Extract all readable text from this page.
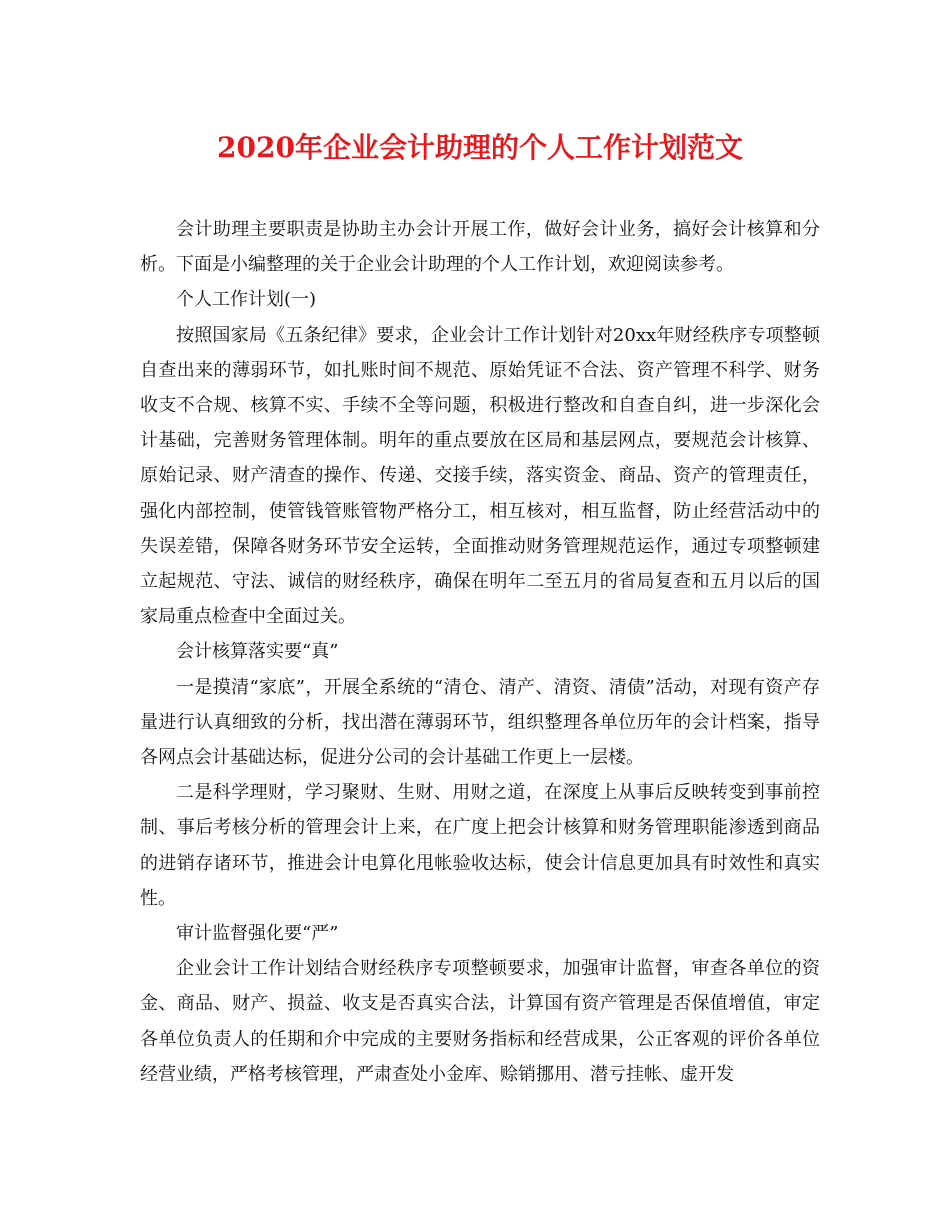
2020年企业会计助理的个人工作计划范文

会计助理主要职责是协助主办会计开展工作，做好会计业务，搞好会计核算和分析。下面是小编整理的关于企业会计助理的个人工作计划，欢迎阅读参考。

个人工作计划(一)

按照国家局《五条纪律》要求，企业会计工作计划针对20xx年财经秩序专项整顿自查出来的薄弱环节，如扎账时间不规范、原始凭证不合法、资产管理不科学、财务收支不合规、核算不实、手续不全等问题，积极进行整改和自查自纠，进一步深化会计基础，完善财务管理体制。明年的重点要放在区局和基层网点，要规范会计核算、原始记录、财产清查的操作、传递、交接手续，落实资金、商品、资产的管理责任，强化内部控制，使管钱管账管物严格分工，相互核对，相互监督，防止经营活动中的失误差错，保障各财务环节安全运转，全面推动财务管理规范运作，通过专项整顿建立起规范、守法、诚信的财经秩序，确保在明年二至五月的省局复查和五月以后的国家局重点检查中全面过关。

会计核算落实要“真”

一是摸清“家底”，开展全系统的“清仓、清产、清资、清债”活动，对现有资产存量进行认真细致的分析，找出潜在薄弱环节，组织整理各单位历年的会计档案，指导各网点会计基础达标，促进分公司的会计基础工作更上一层楼。

二是科学理财，学习聚财、生财、用财之道，在深度上从事后反映转变到事前控制、事后考核分析的管理会计上来，在广度上把会计核算和财务管理职能渗透到商品的进销存诸环节，推进会计电算化甩帐验收达标，使会计信息更加具有时效性和真实性。

审计监督强化要“严”

企业会计工作计划结合财经秩序专项整顿要求，加强审计监督，审查各单位的资金、商品、财产、损益、收支是否真实合法，计算国有资产管理是否保值增值，审定各单位负责人的任期和介中完成的主要财务指标和经营成果，公正客观的评价各单位经营业绩，严格考核管理，严肃查处小金库、赊销挪用、潜亏挂帐、虚开发
